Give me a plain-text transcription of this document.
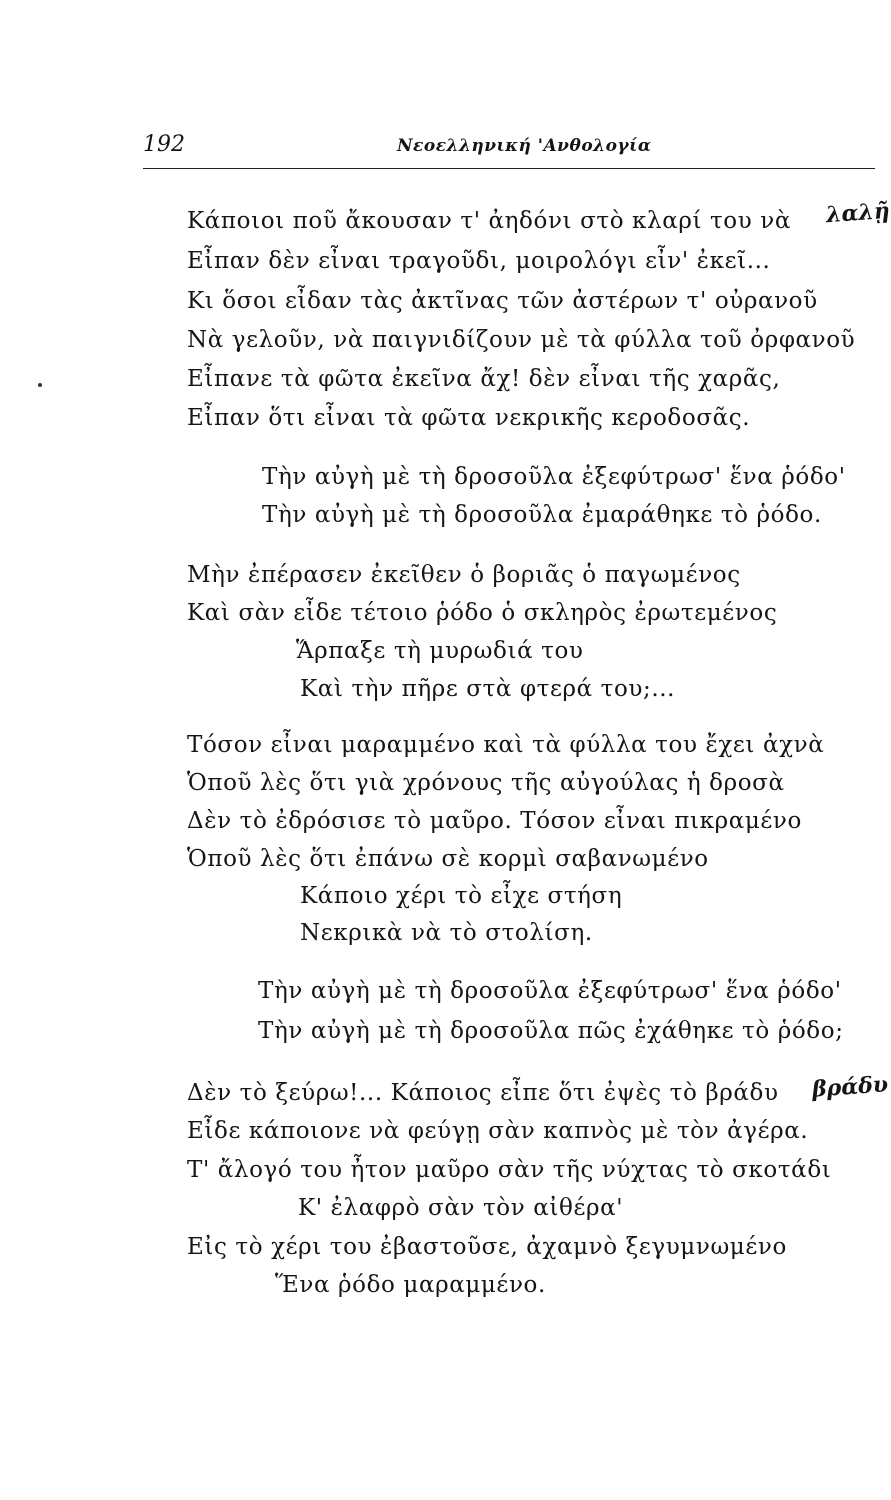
192	Νεοελληνική 'Ανθολογία
Κάποιοι ποῦ ἄκουσαν τ' ἀηδόνι στὸ κλαρί του νὰ
Εἶπαν δὲν εἶναι τραγοῦδι, μοιρολόγι εἶν' ἐκεῖ...
Κι ὅσοι εἶδαν τὰς ἀκτῖνας τῶν ἀστέρων τ' οὐρανοῦ
Νὰ γελοῦν, νὰ παιγνιδίζουν μὲ τὰ φύλλα τοῦ ὀρφανοῦ
Εἶπανε τὰ φῶτα ἐκεῖνα ἄχ! δὲν εἶναι τῆς χαρᾶς,
Εἶπαν ὅτι εἶναι τὰ φῶτα νεκρικῆς κεροδοσᾶς.
λαλῇ
Τὴν αὐγὴ μὲ τὴ δροσοῦλα ἐξεφύτρωσ' ἕνα ῥόδο'
Τὴν αὐγὴ μὲ τὴ δροσοῦλα ἐμαράθηκε τὸ ῥόδο.
Μὴν ἐπέρασεν ἐκεῖθεν ὁ βοριᾶς ὁ παγωμένος
Καὶ σὰν εἶδε τέτοιο ῥόδο ὁ σκληρὸς ἐρωτεμένος
Ἅρπαξε τὴ μυρωδιά του
Καὶ τὴν πῆρε στὰ φτερά του;...
Τόσον εἶναι μαραμμένο καὶ τὰ φύλλα του ἔχει ἀχνὰ
Ὁποῦ λὲς ὅτι γιὰ χρόνους τῆς αὐγούλας ἡ δροσὰ
Δὲν τὸ ἐδρόσισε τὸ μαῦρο. Τόσον εἶναι πικραμένο
Ὁποῦ λὲς ὅτι ἐπάνω σὲ κορμὶ σαβανωμένο
Κάποιο χέρι τὸ εἶχε στήση
Νεκρικὰ νὰ τὸ στολίση.
Τὴν αὐγὴ μὲ τὴ δροσοῦλα ἐξεφύτρωσ' ἕνα ῥόδο'
Τὴν αὐγὴ μὲ τὴ δροσοῦλα πῶς ἐχάθηκε τὸ ῥόδο;
Δὲν τὸ ξεύρω!... Κάποιος εἶπε ὅτι ἐψὲς τὸ βράδυ
Εἶδε κάποιονε νὰ φεύγῃ σὰν καπνὸς μὲ τὸν ἀγέρα.
Τ' ἄλογό του ἦτον μαῦρο σὰν τῆς νύχτας τὸ σκοτάδι
Κ' ἐλαφρὸ σὰν τὸν αἰθέρα'
Εἰς τὸ χέρι του ἐβαστοῦσε, ἀχαμνὸ ξεγυμνωμένο
Ἕνα ῥόδο μαραμμένο.
βράδυ
